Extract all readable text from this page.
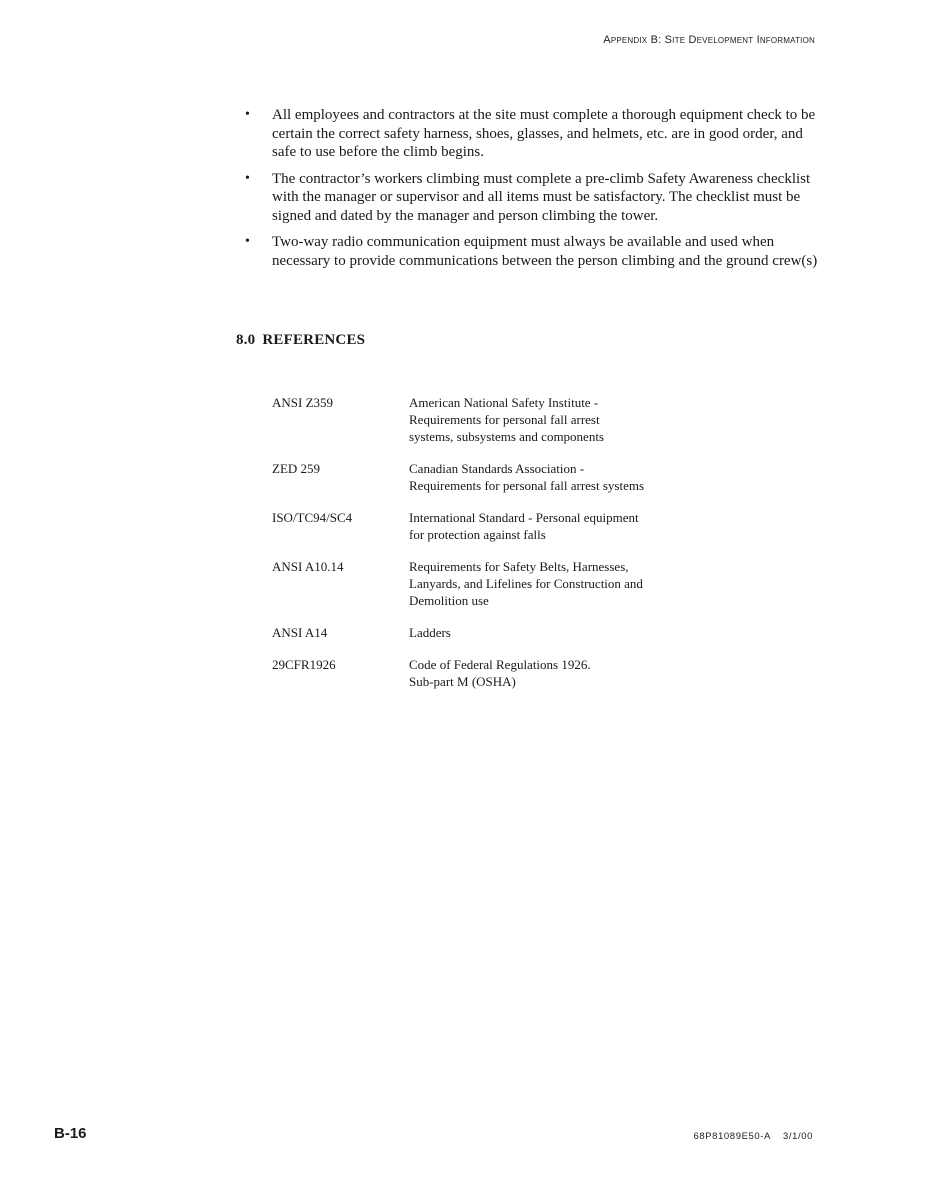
Appendix B: Site Development Information
• All employees and contractors at the site must complete a thorough equipment check to be certain the correct safety harness, shoes, glasses, and helmets, etc. are in good order, and safe to use before the climb begins.
• The contractor’s workers climbing must complete a pre-climb Safety Awareness checklist with the manager or supervisor and all items must be satisfactory. The checklist must be signed and dated by the manager and person climbing the tower.
• Two-way radio communication equipment must always be available and used when necessary to provide communications between the person climbing and the ground crew(s)
8.0 REFERENCES
ANSI Z359	American National Safety Institute -
Requirements for personal fall arrest
systems, subsystems and components

ZED 259	Canadian Standards Association -
Requirements for personal fall arrest systems

ISO/TC94/SC4	International Standard - Personal equipment
for protection against falls

ANSI A10.14	Requirements for Safety Belts, Harnesses,
Lanyards, and Lifelines for Construction and
Demolition use

ANSI A14	Ladders

29CFR1926	Code of Federal Regulations 1926.
Sub-part M (OSHA)
B-16	68P81089E50-A 3/1/00
